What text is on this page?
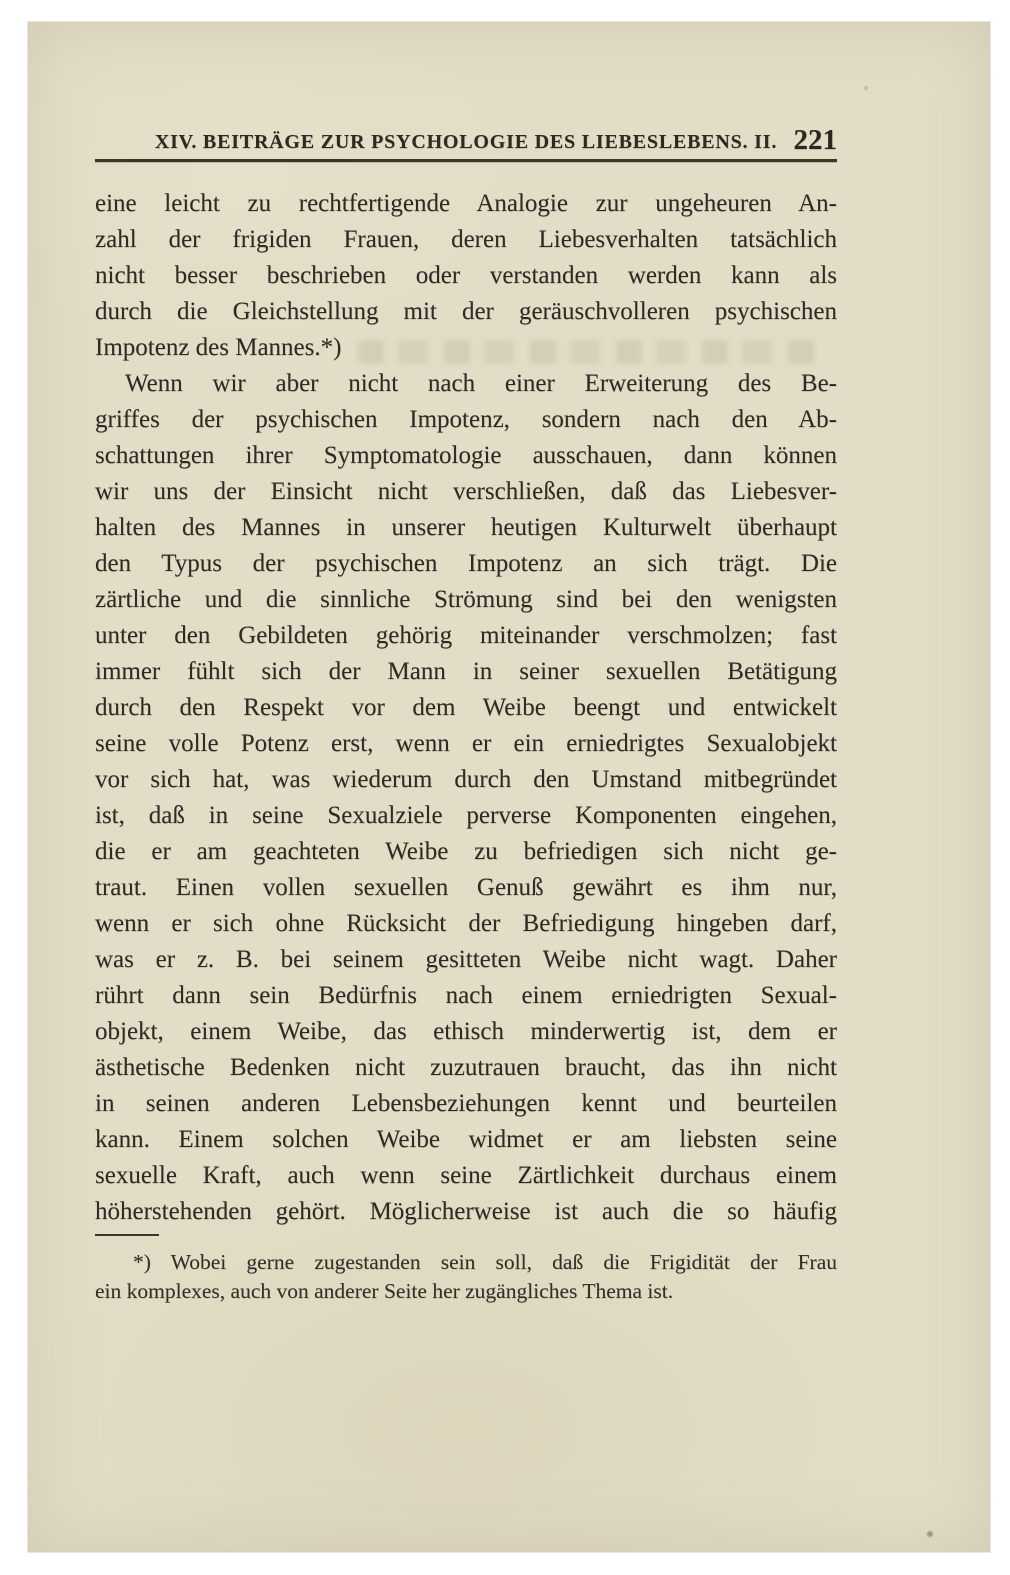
XIV. BEITRÄGE ZUR PSYCHOLOGIE DES LIEBESLEBENS. II. 221
eine leicht zu rechtfertigende Analogie zur ungeheuren An-
zahl der frigiden Frauen, deren Liebesverhalten tatsächlich
nicht besser beschrieben oder verstanden werden kann als
durch die Gleichstellung mit der geräuschvolleren psychischen
Impotenz des Mannes.*)
Wenn wir aber nicht nach einer Erweiterung des Be-
griffes der psychischen Impotenz, sondern nach den Ab-
schattungen ihrer Symptomatologie ausschauen, dann können
wir uns der Einsicht nicht verschließen, daß das Liebesver-
halten des Mannes in unserer heutigen Kulturwelt überhaupt
den Typus der psychischen Impotenz an sich trägt. Die
zärtliche und die sinnliche Strömung sind bei den wenigsten
unter den Gebildeten gehörig miteinander verschmolzen; fast
immer fühlt sich der Mann in seiner sexuellen Betätigung
durch den Respekt vor dem Weibe beengt und entwickelt
seine volle Potenz erst, wenn er ein erniedrigtes Sexualobjekt
vor sich hat, was wiederum durch den Umstand mitbegründet
ist, daß in seine Sexualziele perverse Komponenten eingehen,
die er am geachteten Weibe zu befriedigen sich nicht ge-
traut. Einen vollen sexuellen Genuß gewährt es ihm nur,
wenn er sich ohne Rücksicht der Befriedigung hingeben darf,
was er z. B. bei seinem gesitteten Weibe nicht wagt. Daher
rührt dann sein Bedürfnis nach einem erniedrigten Sexual-
objekt, einem Weibe, das ethisch minderwertig ist, dem er
ästhetische Bedenken nicht zuzutrauen braucht, das ihn nicht
in seinen anderen Lebensbeziehungen kennt und beurteilen
kann. Einem solchen Weibe widmet er am liebsten seine
sexuelle Kraft, auch wenn seine Zärtlichkeit durchaus einem
höherstehenden gehört. Möglicherweise ist auch die so häufig
*) Wobei gerne zugestanden sein soll, daß die Frigidität der Frau
ein komplexes, auch von anderer Seite her zugängliches Thema ist.
